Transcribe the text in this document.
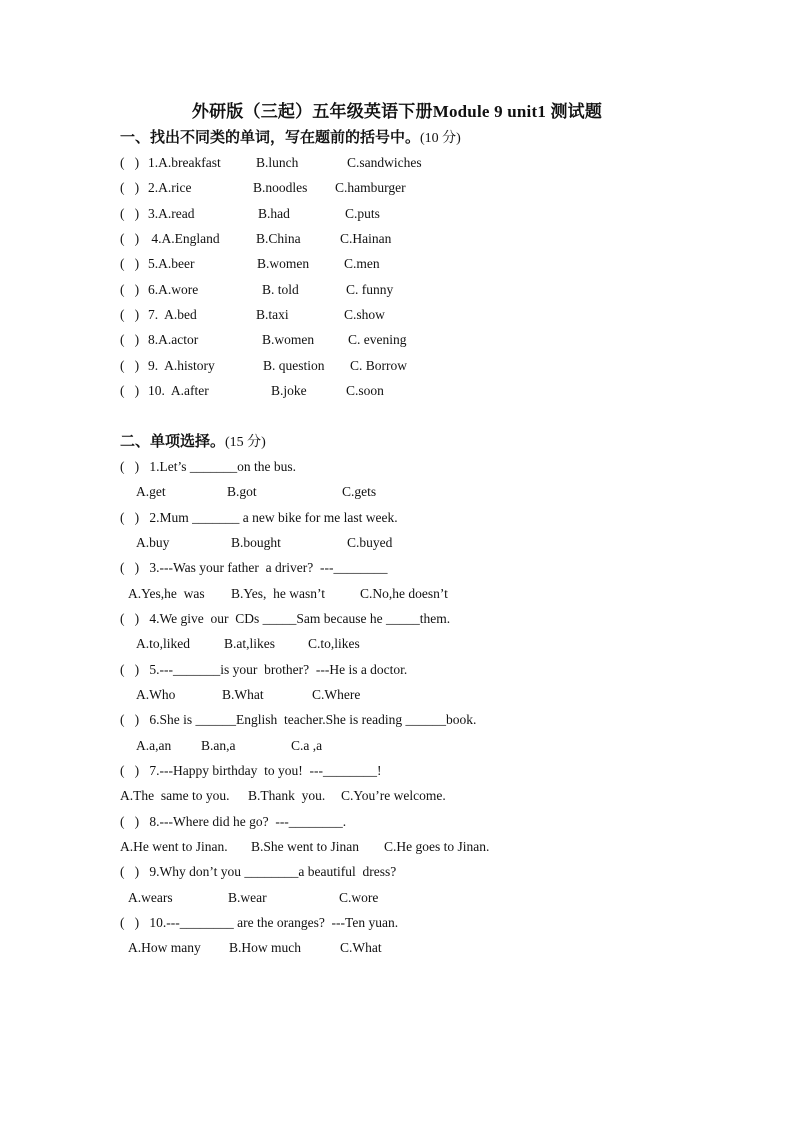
外研版（三起）五年级英语下册Module 9 unit1 测试题
一、找出不同类的单词，写在题前的括号中。(10 分)
(   ) 1.A.breakfast	B.lunch	C.sandwiches
(   ) 2.A.rice	B.noodles C.hamburger
(   ) 3.A.read	B.had	C.puts
(   ) 4.A.England	B.China	C.Hainan
(   ) 5.A.beer	B.women	C.men
(   ) 6.A.wore	B. told	C. funny
(   ) 7.  A.bed	B.taxi	C.show
(   ) 8.A.actor	B.women	C. evening
(   ) 9.  A.history	B. question C. Borrow
(   ) 10.  A.after	B.joke	C.soon
二、单项选择。(15 分)
(   ) 1.Let’s _______on the bus.
A.get	B.got	C.gets
(   ) 2.Mum _______ a new bike for me last week.
A.buy	B.bought	C.buyed
(   ) 3.---Was your father  a driver?  ---________
A.Yes,he  was B.Yes,  he wasn’t	C.No,he doesn’t
(   ) 4.We give  our  CDs _____Sam because he _____them.
A.to,liked	B.at,likes C.to,likes
(   ) 5.---_______is your  brother?  ---He is a doctor.
A.Who	B.What	C.Where
(   ) 6.She is ______English  teacher.She is reading ______book.
A.a,an B.an,a	C.a ,a
(   ) 7.---Happy birthday  to you!  ---________!
A.The  same to you. B.Thank  you. C.You’re welcome.
(   ) 8.---Where did he go?  ---________.
A.He went to Jinan. B.She went to Jinan C.He goes to Jinan.
(   ) 9.Why don’t you ________a beautiful  dress?
A.wears	B.wear	C.wore
(   ) 10.---________ are the oranges?  ---Ten yuan.
A.How many B.How much	C.What
